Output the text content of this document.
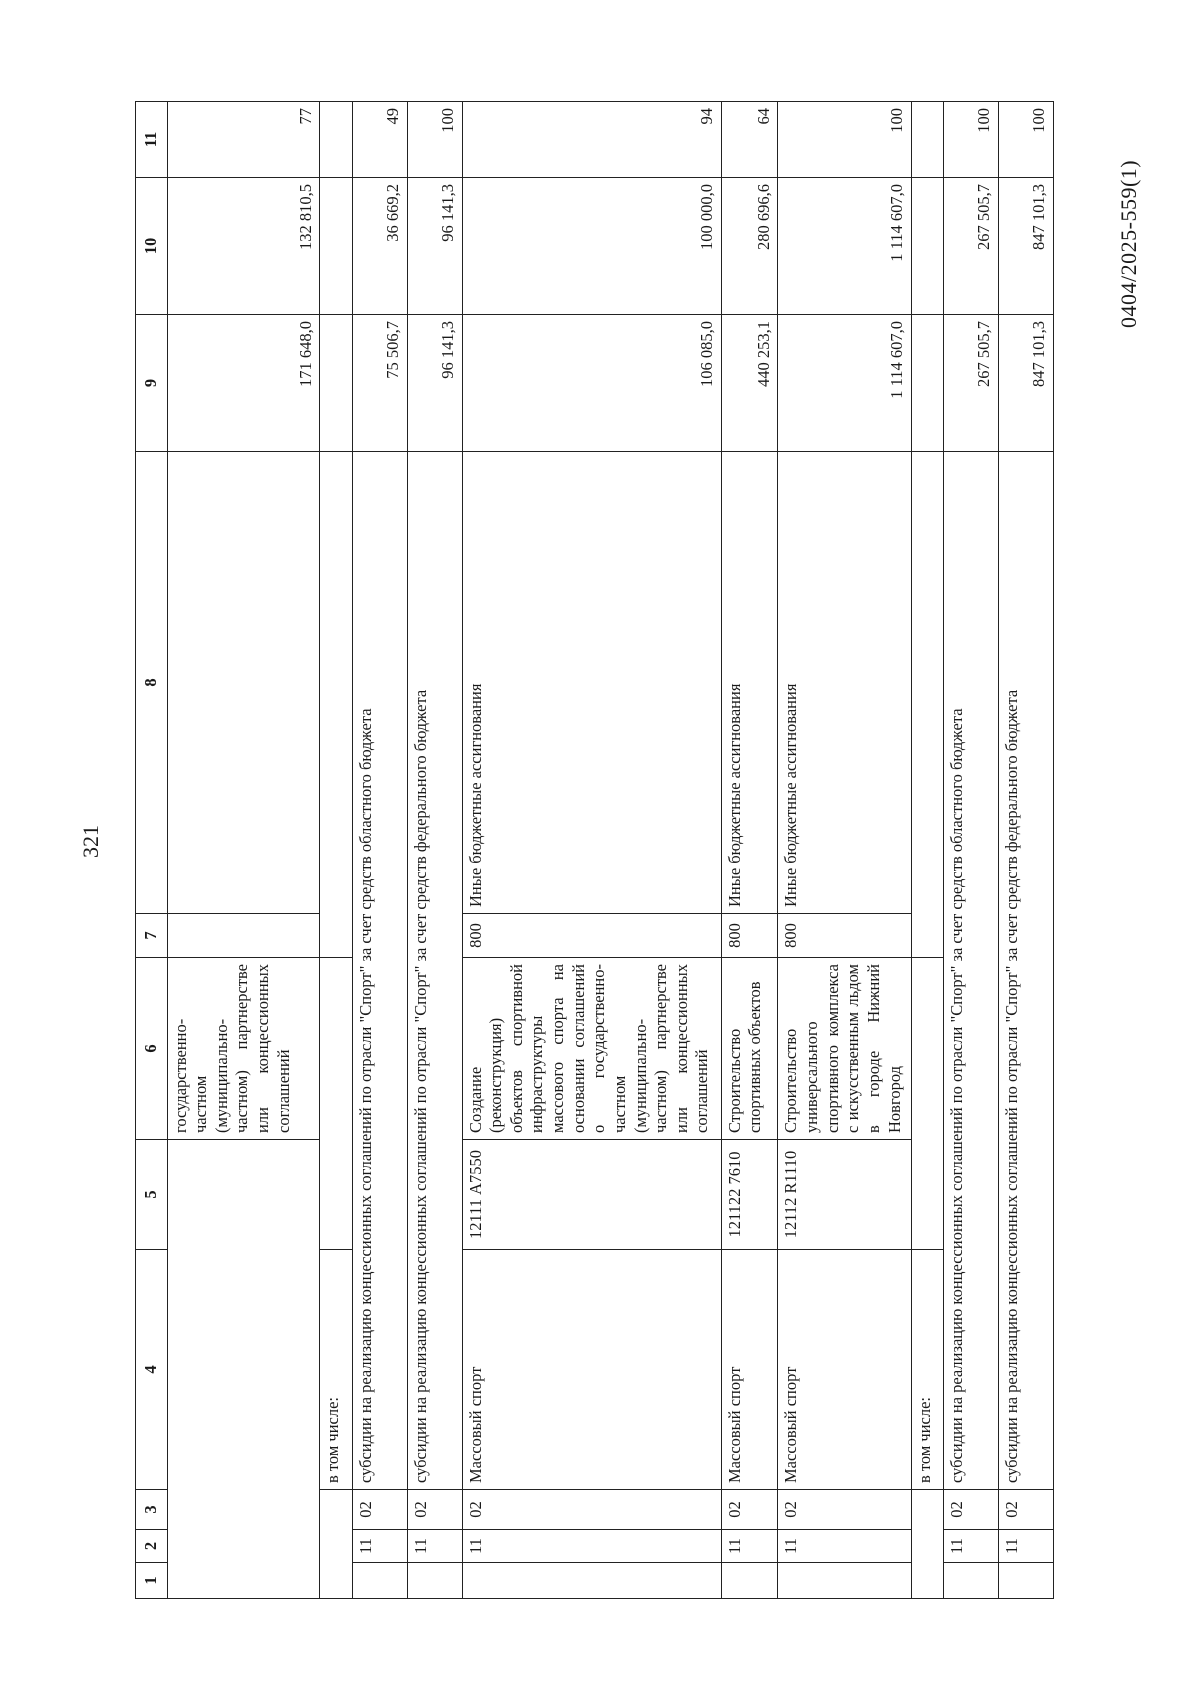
321
0404/2025-559(1)
1	2	3	4	5	6	7	8	9	10	11
					государственно-частном (муниципально-частном) партнерстве или концессионных соглашений			171 648,0	132 810,5	77
			в том числе:							
	11	02	субсидии на реализацию концессионных соглашений по отрасли "Спорт" за счет средств областного бюджета					75 506,7	36 669,2	49
	11	02	субсидии на реализацию концессионных соглашений по отрасли "Спорт" за счет средств федерального бюджета					96 141,3	96 141,3	100
	11	02	Массовый спорт	12111 А7550	Создание (реконструкция) объектов спортивной инфраструктуры массового спорта на основании соглашений о государственно-частном (муниципально-частном) партнерстве или концессионных соглашений	800	Иные бюджетные ассигнования	106 085,0	100 000,0	94
	11	02	Массовый спорт	121122 7610	Строительство спортивных объектов	800	Иные бюджетные ассигнования	440 253,1	280 696,6	64
	11	02	Массовый спорт	12112 R1110	Строительство универсального спортивного комплекса с искусственным льдом в городе Нижний Новгород	800	Иные бюджетные ассигнования	1 114 607,0	1 114 607,0	100
			в том числе:							
	11	02	субсидии на реализацию концессионных соглашений по отрасли "Спорт" за счет средств областного бюджета					267 505,7	267 505,7	100
	11	02	субсидии на реализацию концессионных соглашений по отрасли "Спорт" за счет средств федерального бюджета					847 101,3	847 101,3	100
